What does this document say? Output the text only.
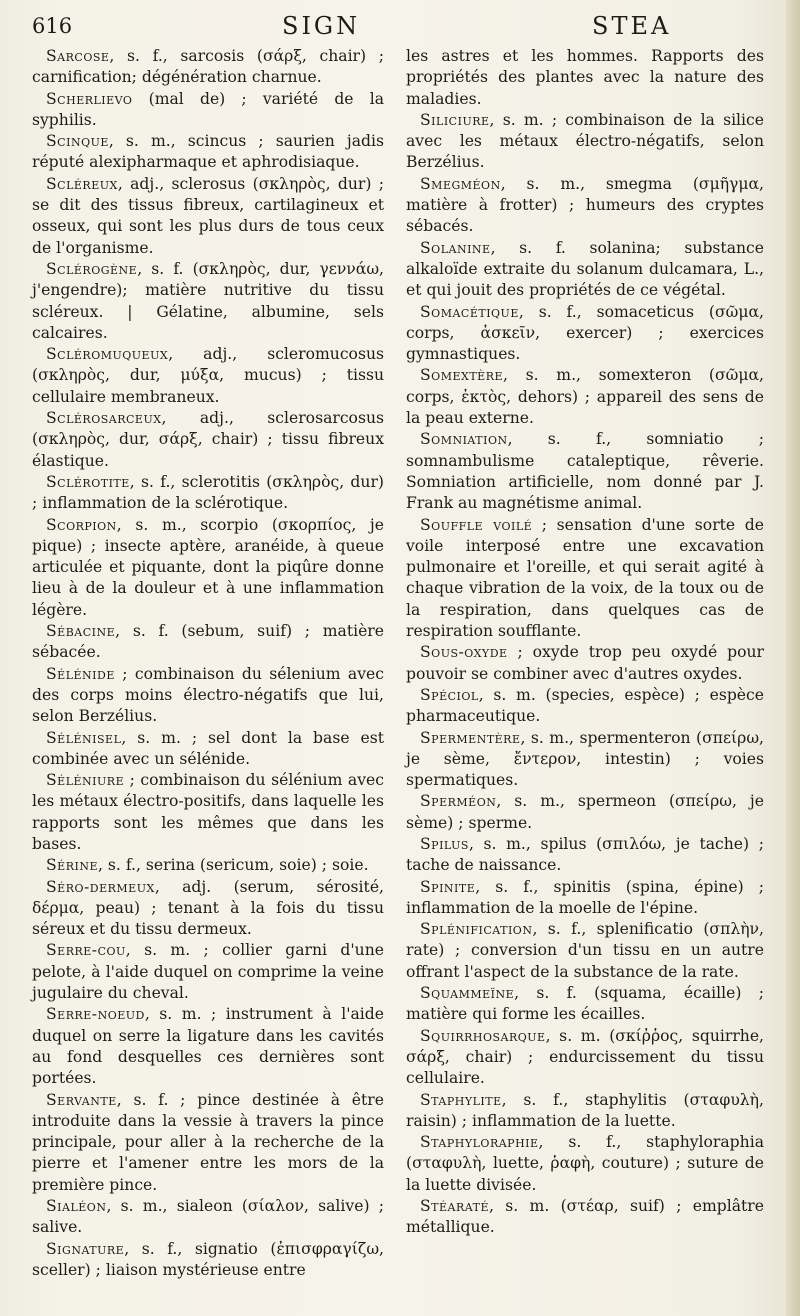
616	SIGN	STEA

Sarcose, s. f., sarcosis (σάρξ, chair) ; carnification; dégénération charnue.

Scherlievo (mal de) ; variété de la syphilis.

Scinque, s. m., scincus ; saurien jadis réputé alexipharmaque et aphrodisiaque.

Scléreux, adj., sclerosus (σκληρὸς, dur) ; se dit des tissus fibreux, cartilagineux et osseux, qui sont les plus durs de tous ceux de l'organisme.

Sclérogène, s. f. (σκληρὸς, dur, γεννάω, j'engendre); matière nutritive du tissu scléreux. | Gélatine, albumine, sels calcaires.

Scléromuqueux, adj., scleromucosus (σκληρὸς, dur, μύξα, mucus) ; tissu cellulaire membraneux.

Sclérosarceux, adj., sclerosarcosus (σκληρὸς, dur, σάρξ, chair) ; tissu fibreux élastique.

Sclérotite, s. f., sclerotitis (σκληρὸς, dur) ; inflammation de la sclérotique.

Scorpion, s. m., scorpio (σκορπίος, je pique) ; insecte aptère, aranéide, à queue articulée et piquante, dont la piqûre donne lieu à de la douleur et à une inflammation légère.

Sébacine, s. f. (sebum, suif) ; matière sébacée.

Sélénide ; combinaison du sélenium avec des corps moins électro-négatifs que lui, selon Berzélius.

Sélénisel, s. m. ; sel dont la base est combinée avec un sélénide.

Séléniure ; combinaison du sélénium avec les métaux électro-positifs, dans laquelle les rapports sont les mêmes que dans les bases.

Sérine, s. f., serina (sericum, soie) ; soie.

Séro-dermeux, adj. (serum, sérosité, δέρμα, peau) ; tenant à la fois du tissu séreux et du tissu dermeux.

Serre-cou, s. m. ; collier garni d'une pelote, à l'aide duquel on comprime la veine jugulaire du cheval.

Serre-noeud, s. m. ; instrument à l'aide duquel on serre la ligature dans les cavités au fond desquelles ces dernières sont portées.

Servante, s. f. ; pince destinée à être introduite dans la vessie à travers la pince principale, pour aller à la recherche de la pierre et l'amener entre les mors de la première pince.

Sialéon, s. m., sialeon (σίαλον, salive) ; salive.

Signature, s. f., signatio (ἐπισφραγίζω, sceller) ; liaison mystérieuse entre

les astres et les hommes. Rapports des propriétés des plantes avec la nature des maladies.

Siliciure, s. m. ; combinaison de la silice avec les métaux électro-négatifs, selon Berzélius.

Smegméon, s. m., smegma (σμῆγμα, matière à frotter) ; humeurs des cryptes sébacés.

Solanine, s. f. solanina; substance alkaloïde extraite du solanum dulcamara, L., et qui jouit des propriétés de ce végétal.

Somacétique, s. f., somaceticus (σῶμα, corps, ἀσκεῖν, exercer) ; exercices gymnastiques.

Somextère, s. m., somexteron (σῶμα, corps, ἐκτὸς, dehors) ; appareil des sens de la peau externe.

Somniation, s. f., somniatio ; somnambulisme cataleptique, rêverie. Somniation artificielle, nom donné par J. Frank au magnétisme animal.

Souffle voilé ; sensation d'une sorte de voile interposé entre une excavation pulmonaire et l'oreille, et qui serait agité à chaque vibration de la voix, de la toux ou de la respiration, dans quelques cas de respiration soufflante.

Sous-oxyde ; oxyde trop peu oxydé pour pouvoir se combiner avec d'autres oxydes.

Spéciol, s. m. (species, espèce) ; espèce pharmaceutique.

Spermentère, s. m., spermenteron (σπείρω, je sème, ἔντερον, intestin) ; voies spermatiques.

Sperméon, s. m., spermeon (σπείρω, je sème) ; sperme.

Spilus, s. m., spilus (σπιλόω, je tache) ; tache de naissance.

Spinite, s. f., spinitis (spina, épine) ; inflammation de la moelle de l'épine.

Splénification, s. f., splenificatio (σπλὴν, rate) ; conversion d'un tissu en un autre offrant l'aspect de la substance de la rate.

Squammeïne, s. f. (squama, écaille) ; matière qui forme les écailles.

Squirrhosarque, s. m. (σκίῤῥος, squirrhe, σάρξ, chair) ; endurcissement du tissu cellulaire.

Staphylite, s. f., staphylitis (σταφυλὴ, raisin) ; inflammation de la luette.

Staphyloraphie, s. f., staphyloraphia (σταφυλὴ, luette, ῥαφὴ, couture) ; suture de la luette divisée.

Stéaraté, s. m. (στέαρ, suif) ; emplâtre métallique.
